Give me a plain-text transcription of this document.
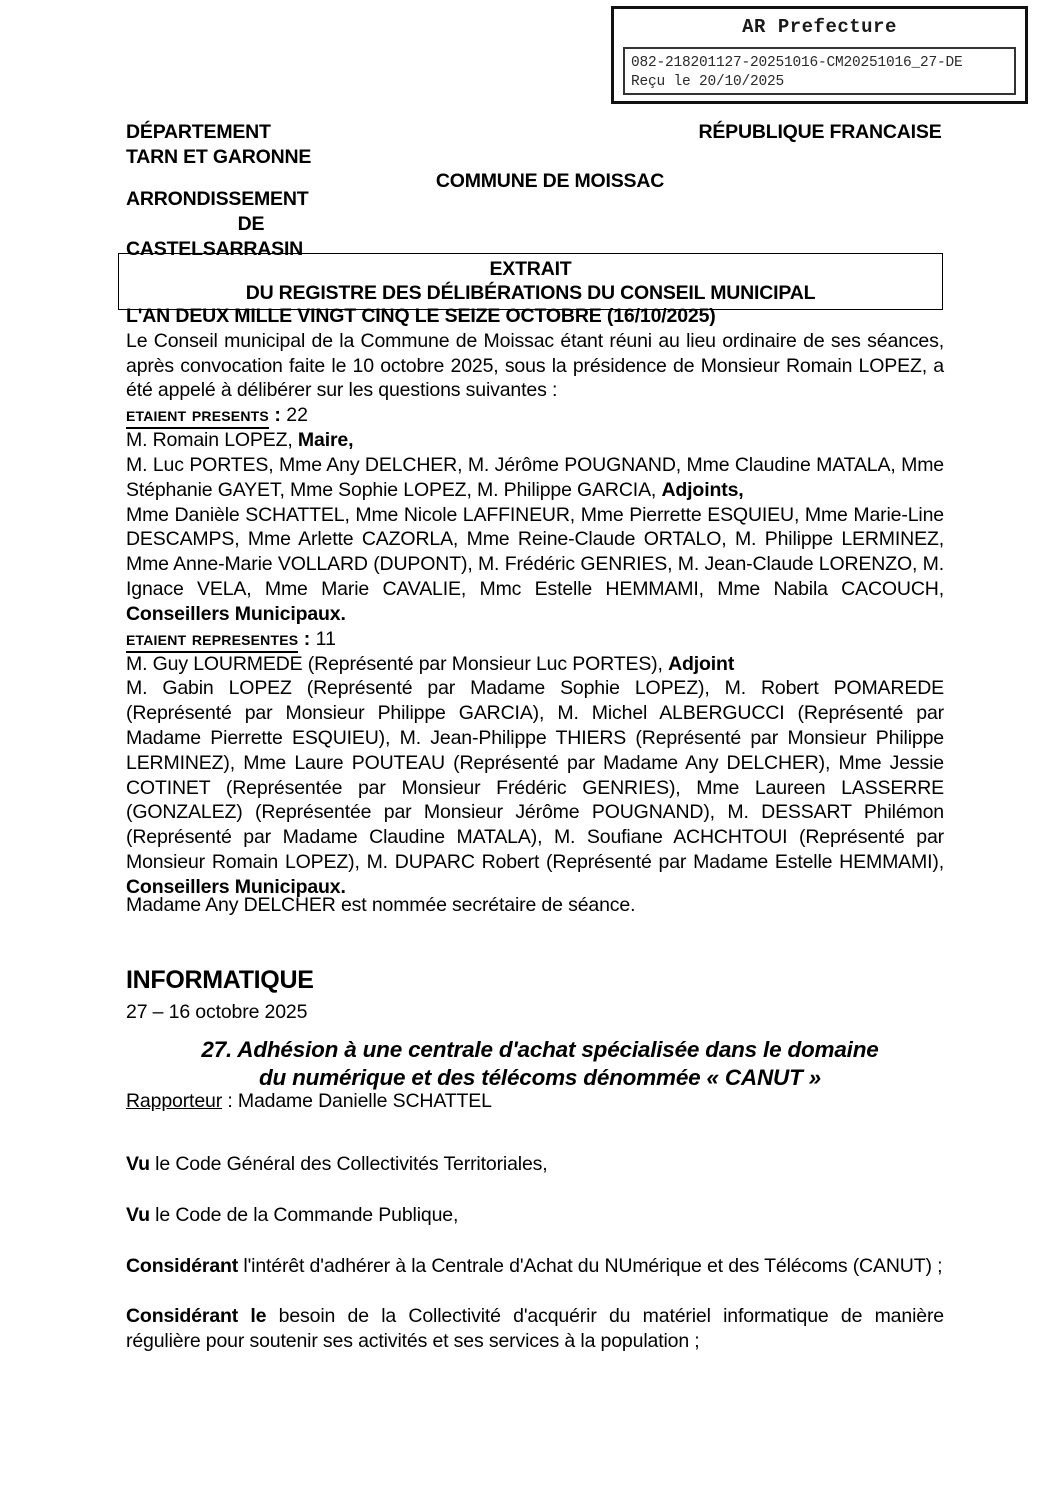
AR Prefecture
082-218201127-20251016-CM20251016_27-DE
Reçu le 20/10/2025
DÉPARTEMENT
TARN ET GARONNE
ARRONDISSEMENT
DE
CASTELSARRASIN
RÉPUBLIQUE FRANCAISE
COMMUNE DE MOISSAC
EXTRAIT
DU REGISTRE DES DÉLIBÉRATIONS DU CONSEIL MUNICIPAL

L'AN DEUX MILLE VINGT CINQ LE SEIZE OCTOBRE (16/10/2025)

Le Conseil municipal de la Commune de Moissac étant réuni au lieu ordinaire de ses séances, après convocation faite le 10 octobre 2025, sous la présidence de Monsieur Romain LOPEZ, a été appelé à délibérer sur les questions suivantes :

etaient presents : 22

M. Romain LOPEZ, Maire,

M. Luc PORTES, Mme Any DELCHER, M. Jérôme POUGNAND, Mme Claudine MATALA, Mme Stéphanie GAYET, Mme Sophie LOPEZ, M. Philippe GARCIA, Adjoints,

Mme Danièle SCHATTEL, Mme Nicole LAFFINEUR, Mme Pierrette ESQUIEU, Mme Marie-Line DESCAMPS, Mme Arlette CAZORLA, Mme Reine-Claude ORTALO, M. Philippe LERMINEZ, Mme Anne-Marie VOLLARD (DUPONT), M. Frédéric GENRIES, M. Jean-Claude LORENZO, M. Ignace VELA, Mme Marie CAVALIE, Mmc Estelle HEMMAMI, Mme Nabila CACOUCH, Conseillers Municipaux.

etaient representes : 11

M. Guy LOURMEDE (Représenté par Monsieur Luc PORTES), Adjoint

M. Gabin LOPEZ (Représenté par Madame Sophie LOPEZ), M. Robert POMAREDE (Représenté par Monsieur Philippe GARCIA), M. Michel ALBERGUCCI (Représenté par Madame Pierrette ESQUIEU), M. Jean-Philippe THIERS (Représenté par Monsieur Philippe LERMINEZ), Mme Laure POUTEAU (Représenté par Madame Any DELCHER), Mme Jessie COTINET (Représentée par Monsieur Frédéric GENRIES), Mme Laureen LASSERRE (GONZALEZ) (Représentée par Monsieur Jérôme POUGNAND), M. DESSART Philémon (Représenté par Madame Claudine MATALA), M. Soufiane ACHCHTOUI (Représenté par Monsieur Romain LOPEZ), M. DUPARC Robert (Représenté par Madame Estelle HEMMAMI), Conseillers Municipaux.

Madame Any DELCHER est nommée secrétaire de séance.
INFORMATIQUE
27 – 16 octobre 2025
27. Adhésion à une centrale d'achat spécialisée dans le domaine
du numérique et des télécoms dénommée « CANUT »
Rapporteur : Madame Danielle SCHATTEL

Vu le Code Général des Collectivités Territoriales,

Vu le Code de la Commande Publique,

Considérant l'intérêt d'adhérer à la Centrale d'Achat du NUmérique et des Télécoms (CANUT) ;

Considérant le besoin de la Collectivité d'acquérir du matériel informatique de manière régulière pour soutenir ses activités et ses services à la population ;
